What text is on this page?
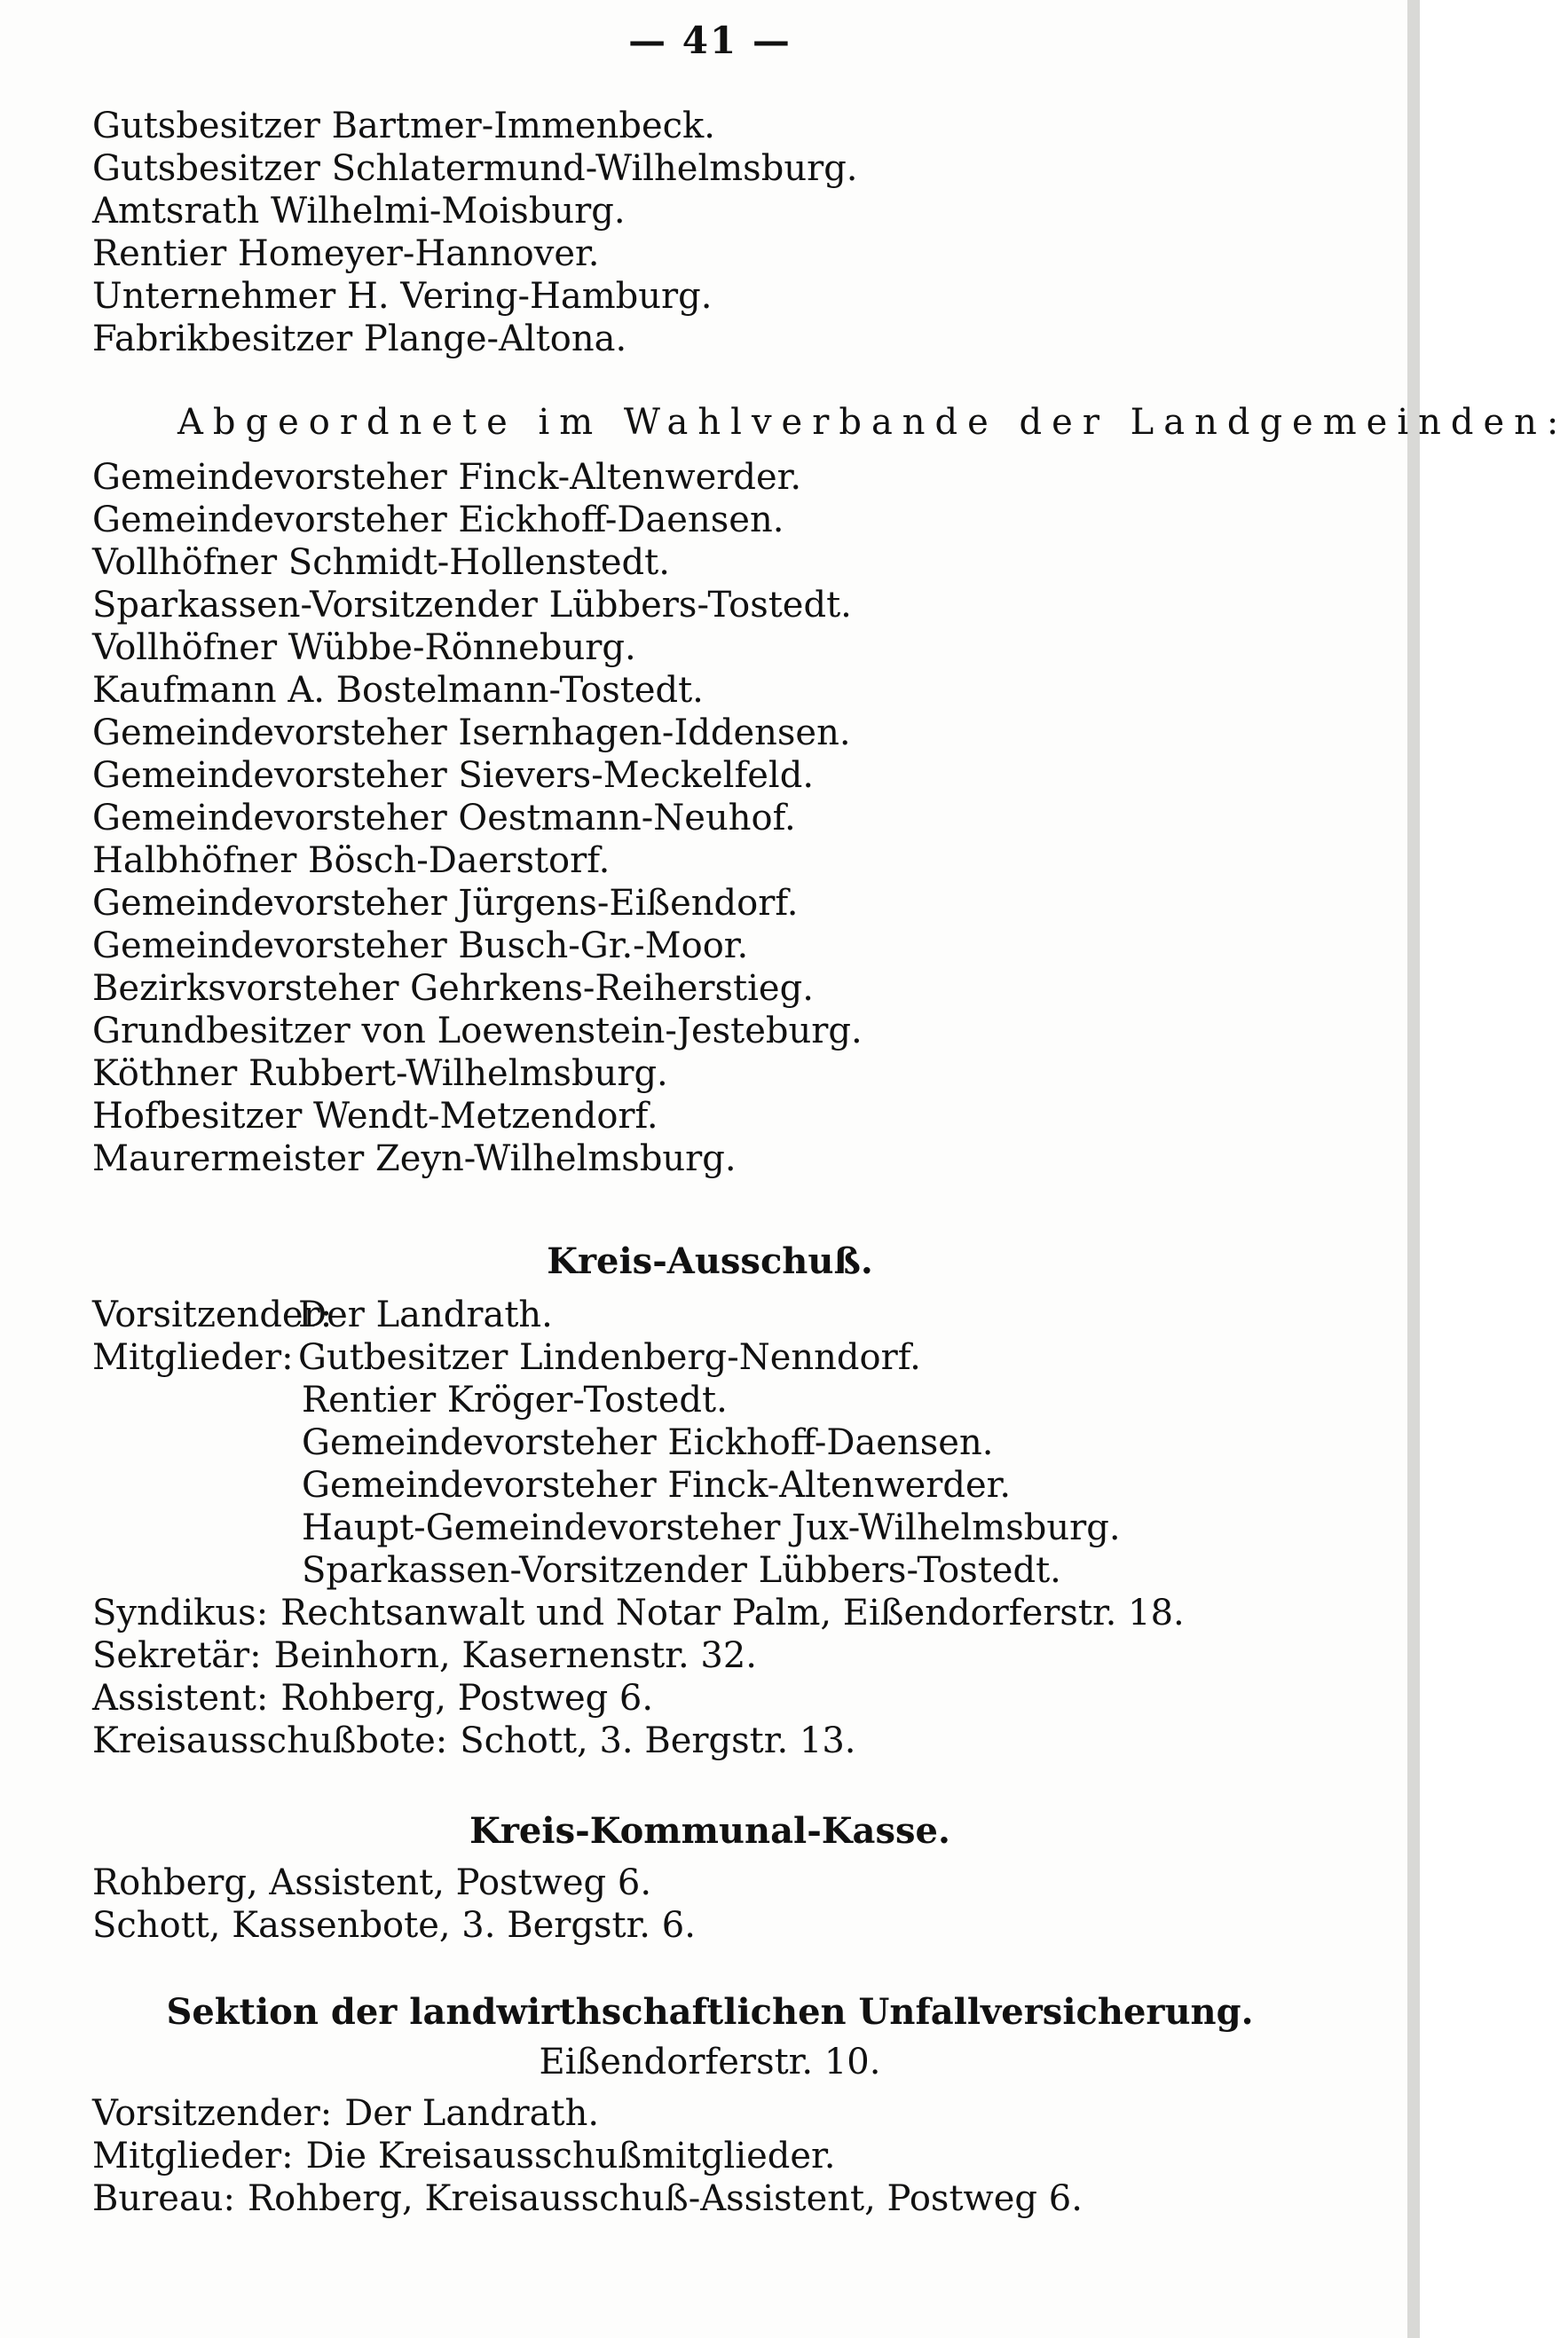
— 41 —
Gutsbesitzer Bartmer-Immenbeck.
Gutsbesitzer Schlatermund-Wilhelmsburg.
Amtsrath Wilhelmi-Moisburg.
Rentier Homeyer-Hannover.
Unternehmer H. Vering-Hamburg.
Fabrikbesitzer Plange-Altona.
Abgeordnete im Wahlverbande der Landgemeinden:
Gemeindevorsteher Finck-Altenwerder.
Gemeindevorsteher Eickhoff-Daensen.
Vollhöfner Schmidt-Hollenstedt.
Sparkassen-Vorsitzender Lübbers-Tostedt.
Vollhöfner Wübbe-Rönneburg.
Kaufmann A. Bostelmann-Tostedt.
Gemeindevorsteher Isernhagen-Iddensen.
Gemeindevorsteher Sievers-Meckelfeld.
Gemeindevorsteher Oestmann-Neuhof.
Halbhöfner Bösch-Daerstorf.
Gemeindevorsteher Jürgens-Eißendorf.
Gemeindevorsteher Busch-Gr.-Moor.
Bezirksvorsteher Gehrkens-Reiherstieg.
Grundbesitzer von Loewenstein-Jesteburg.
Köthner Rubbert-Wilhelmsburg.
Hofbesitzer Wendt-Metzendorf.
Maurermeister Zeyn-Wilhelmsburg.
Kreis-Ausschuß.
Vorsitzender:
Der Landrath.
Mitglieder: Gutbesitzer Lindenberg-Nenndorf.
Rentier Kröger-Tostedt.
Gemeindevorsteher Eickhoff-Daensen.
Gemeindevorsteher Finck-Altenwerder.
Haupt-Gemeindevorsteher Jux-Wilhelmsburg.
Sparkassen-Vorsitzender Lübbers-Tostedt.
Syndikus: Rechtsanwalt und Notar Palm, Eißendorferstr. 18.
Sekretär: Beinhorn, Kasernenstr. 32.
Assistent: Rohberg, Postweg 6.
Kreisausschußbote: Schott, 3. Bergstr. 13.
Kreis-Kommunal-Kasse.
Rohberg, Assistent, Postweg 6.
Schott, Kassenbote, 3. Bergstr. 6.
Sektion der landwirthschaftlichen Unfallversicherung.
Eißendorferstr. 10.
Vorsitzender: Der Landrath.
Mitglieder: Die Kreisausschußmitglieder.
Bureau: Rohberg, Kreisausschuß-Assistent, Postweg 6.
